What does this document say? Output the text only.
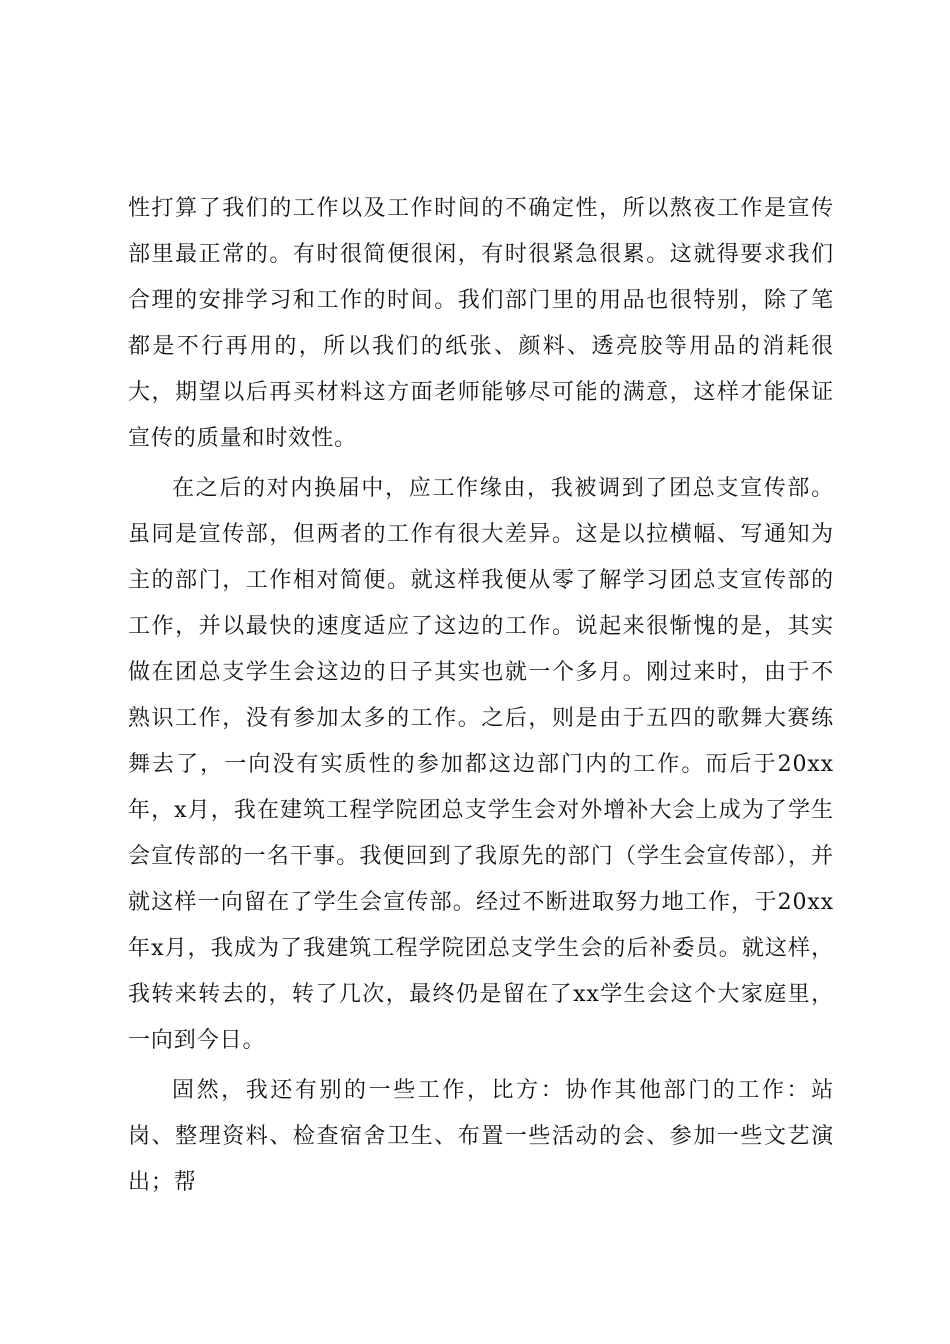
性打算了我们的工作以及工作时间的不确定性，所以熬夜工作是宣传部里最正常的。有时很简便很闲，有时很紧急很累。这就得要求我们合理的安排学习和工作的时间。我们部门里的用品也很特别，除了笔都是不行再用的，所以我们的纸张、颜料、透亮胶等用品的消耗很大，期望以后再买材料这方面老师能够尽可能的满意，这样才能保证宣传的质量和时效性。

在之后的对内换届中，应工作缘由，我被调到了团总支宣传部。虽同是宣传部，但两者的工作有很大差异。这是以拉横幅、写通知为主的部门，工作相对简便。就这样我便从零了解学习团总支宣传部的工作，并以最快的速度适应了这边的工作。说起来很惭愧的是，其实做在团总支学生会这边的日子其实也就一个多月。刚过来时，由于不熟识工作，没有参加太多的工作。之后，则是由于五四的歌舞大赛练舞去了，一向没有实质性的参加都这边部门内的工作。而后于20xx年，x月，我在建筑工程学院团总支学生会对外增补大会上成为了学生会宣传部的一名干事。我便回到了我原先的部门（学生会宣传部），并就这样一向留在了学生会宣传部。经过不断进取努力地工作，于20xx年x月，我成为了我建筑工程学院团总支学生会的后补委员。就这样，我转来转去的，转了几次，最终仍是留在了xx学生会这个大家庭里，一向到今日。

固然，我还有别的一些工作，比方：协作其他部门的工作：站岗、整理资料、检查宿舍卫生、布置一些活动的会、参加一些文艺演出；帮
